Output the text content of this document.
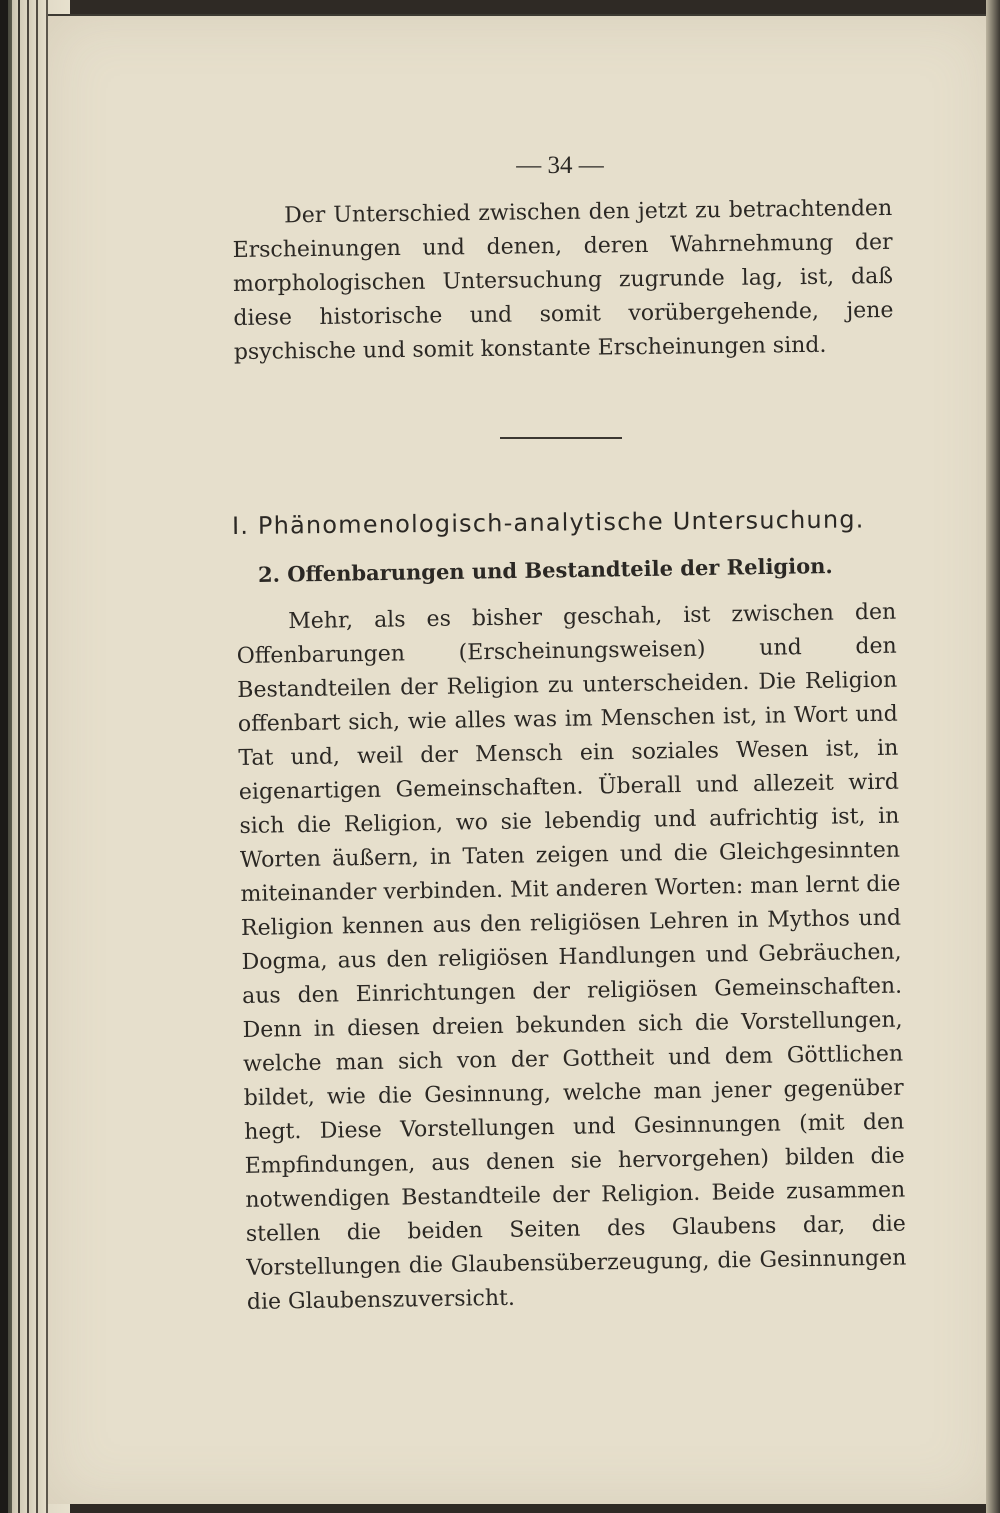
— 34 —

Der Unterschied zwischen den jetzt zu betrachtenden Erscheinungen und denen, deren Wahrnehmung der morphologischen Untersuchung zugrunde lag, ist, daß diese historische und somit vorübergehende, jene psychische und somit konstante Erscheinungen sind.

I. Phänomenologisch-analytische Untersuchung.
2. Offenbarungen und Bestandteile der Religion.

Mehr, als es bisher geschah, ist zwischen den Offenbarungen (Erscheinungsweisen) und den Bestandteilen der Religion zu unterscheiden. Die Religion offenbart sich, wie alles was im Menschen ist, in Wort und Tat und, weil der Mensch ein soziales Wesen ist, in eigenartigen Gemeinschaften. Überall und allezeit wird sich die Religion, wo sie lebendig und aufrichtig ist, in Worten äußern, in Taten zeigen und die Gleichgesinnten miteinander verbinden. Mit anderen Worten: man lernt die Religion kennen aus den religiösen Lehren in Mythos und Dogma, aus den religiösen Handlungen und Gebräuchen, aus den Einrichtungen der religiösen Gemeinschaften. Denn in diesen dreien bekunden sich die Vorstellungen, welche man sich von der Gottheit und dem Göttlichen bildet, wie die Gesinnung, welche man jener gegenüber hegt. Diese Vorstellungen und Gesinnungen (mit den Empfindungen, aus denen sie hervorgehen) bilden die notwendigen Bestandteile der Religion. Beide zusammen stellen die beiden Seiten des Glaubens dar, die Vorstellungen die Glaubensüberzeugung, die Gesinnungen die Glaubenszuversicht.
